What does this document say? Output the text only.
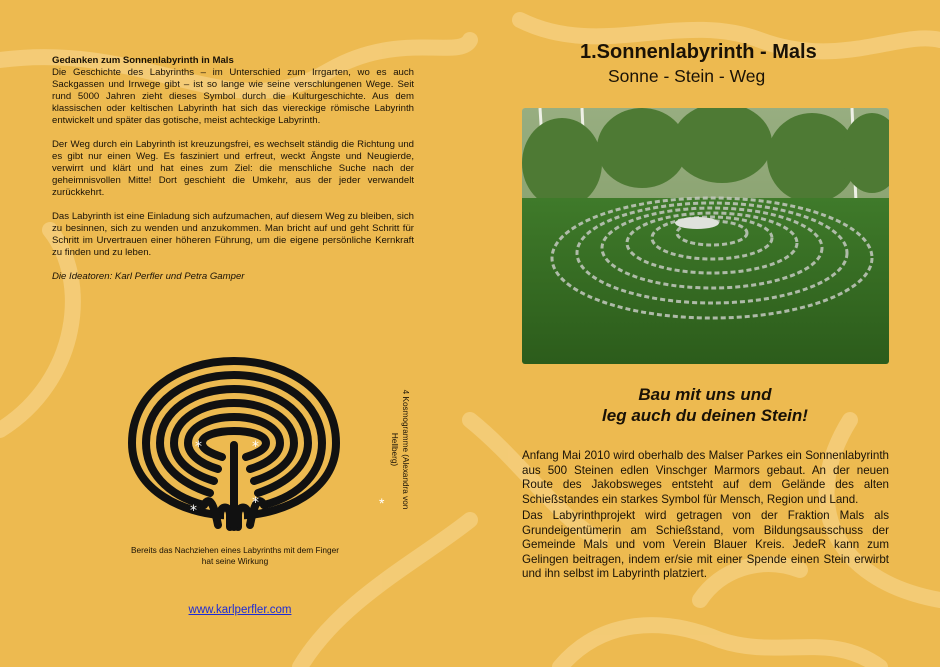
Gedanken zum Sonnenlabyrinth in Mals

Die Geschichte des Labyrinths – im Unterschied zum Irrgarten, wo es auch Sackgassen und Irrwege gibt – ist so lange wie seine verschlungenen Wege. Seit rund 5000 Jahren zieht dieses Symbol durch die Kulturgeschichte. Aus dem klassischen oder keltischen Labyrinth hat sich das viereckige römische Labyrinth entwickelt und später das gotische, meist achteckige Labyrinth.

Der Weg durch ein Labyrinth ist kreuzungsfrei, es wechselt ständig die Richtung und es gibt nur einen Weg. Es fasziniert und erfreut, weckt Ängste und Neugierde, verwirrt und klärt und hat eines zum Ziel: die menschliche Suche nach der geheimnisvollen Mitte! Dort geschieht die Umkehr, aus der jeder verwandelt zurückkehrt.

Das Labyrinth ist eine Einladung sich aufzumachen, auf diesem Weg zu bleiben, sich zu besinnen, sich zu wenden und anzukommen. Man bricht auf und geht Schritt für Schritt im Urvertrauen einer höheren Führung, um die eigene persönliche Kernkraft zu finden und zu leben.

Die Ideatoren: Karl Perfler und Petra Gamper

*	*
*	*
Bereits das Nachziehen eines Labyrinths mit dem Finger hat seine Wirkung
4 Kosmogramme (Alexandra von Hellberg)
*
www.karlperfler.com
1.Sonnenlabyrinth - Mals
Sonne - Stein - Weg
Bau mit uns und
leg auch du deinen Stein!

Anfang Mai 2010 wird oberhalb des Malser Parkes ein Sonnenlabyrinth aus 500 Steinen edlen Vinschger Marmors gebaut. An der neuen Route des Jakobsweges entsteht auf dem Gelände des alten Schießstandes ein starkes Symbol für Mensch, Region und Land.

Das Labyrinthprojekt wird getragen von der Fraktion Mals als Grundeigentümerin am Schießstand, vom Bildungsausschuss der Gemeinde Mals und vom Verein Blauer Kreis. JedeR kann zum Gelingen beitragen, indem er/sie mit einer Spende einen Stein erwirbt und ihn selbst im Labyrinth platziert.
